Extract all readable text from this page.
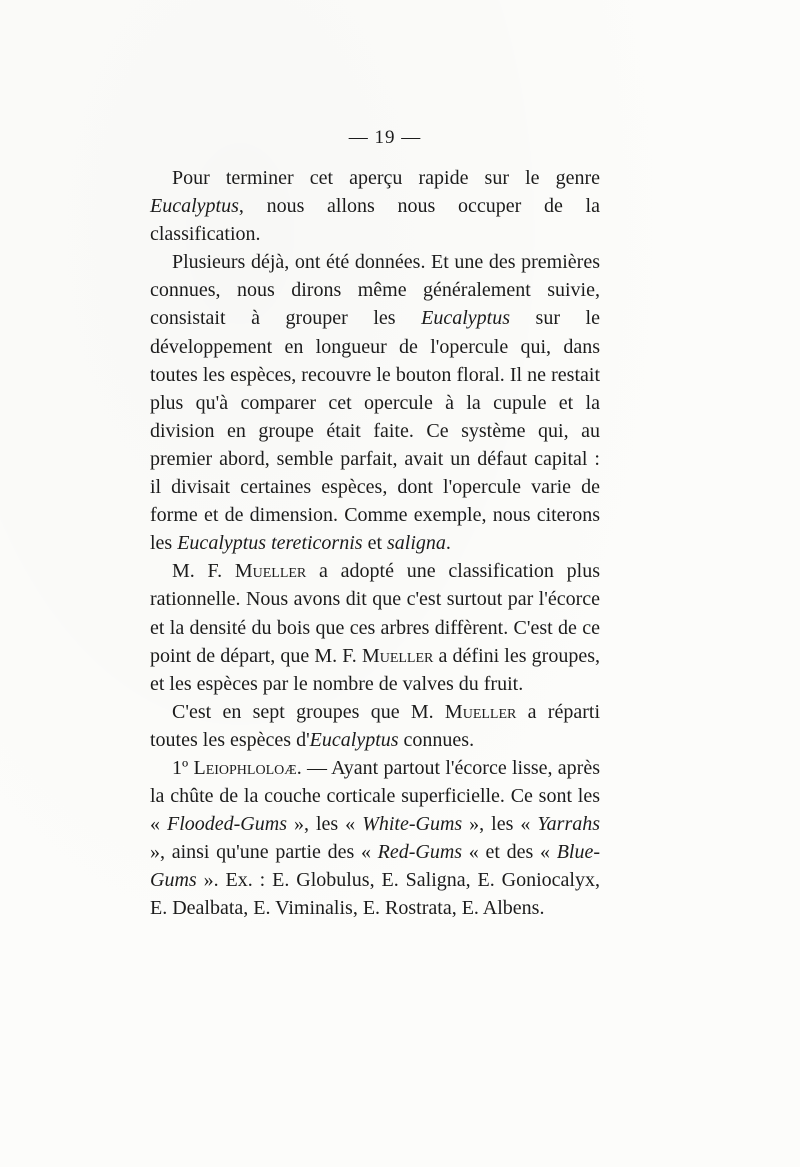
— 19 —

Pour terminer cet aperçu rapide sur le genre Eucalyptus, nous allons nous occuper de la classification.

Plusieurs déjà, ont été données. Et une des premières connues, nous dirons même généralement suivie, consistait à grouper les Eucalyptus sur le développement en longueur de l'opercule qui, dans toutes les espèces, recouvre le bouton floral. Il ne restait plus qu'à comparer cet opercule à la cupule et la division en groupe était faite. Ce système qui, au premier abord, semble parfait, avait un défaut capital : il divisait certaines espèces, dont l'opercule varie de forme et de dimension. Comme exemple, nous citerons les Eucalyptus tereticornis et saligna.

M. F. Mueller a adopté une classification plus rationnelle. Nous avons dit que c'est surtout par l'écorce et la densité du bois que ces arbres diffèrent. C'est de ce point de départ, que M. F. Mueller a défini les groupes, et les espèces par le nombre de valves du fruit.

C'est en sept groupes que M. Mueller a réparti toutes les espèces d'Eucalyptus connues.

1º Leiophloloæ. — Ayant partout l'écorce lisse, après la chûte de la couche corticale superficielle. Ce sont les « Flooded-Gums », les « White-Gums », les « Yarrahs », ainsi qu'une partie des « Red-Gums « et des « Blue-Gums ». Ex. : E. Globulus, E. Saligna, E. Goniocalyx, E. Dealbata, E. Viminalis, E. Rostrata, E. Albens.
